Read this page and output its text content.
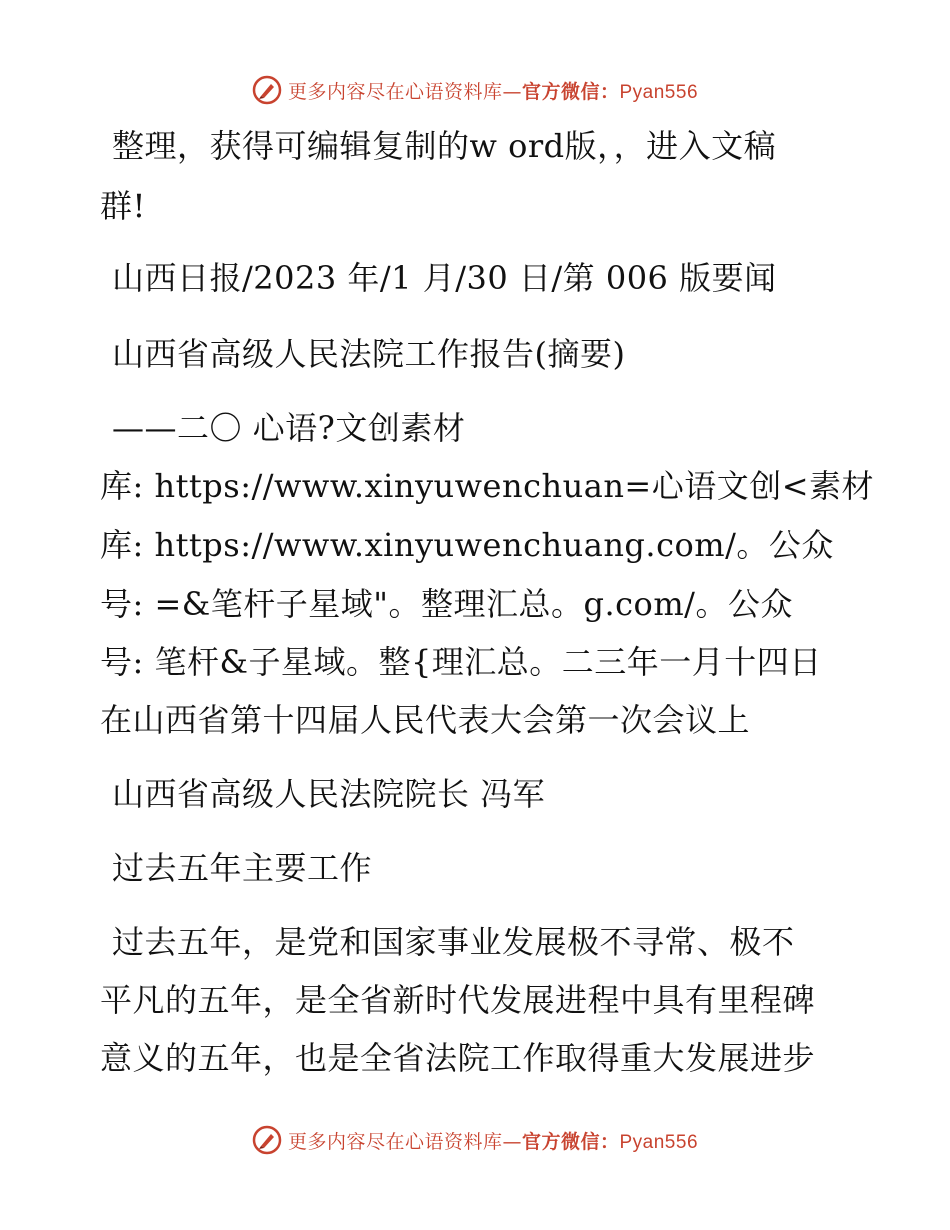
更多内容尽在心语资料库—官方微信：Pyan556
整理，获得可编辑复制的w ord版，，进入文稿
群!
山西日报/2023 年/1 月/30 日/第 006 版要闻
山西省高级人民法院工作报告(摘要)
——二〇 心语?文创素材
库: https://www.xinyuwenchuan=心语文创<素材
库: https://www.xinyuwenchuang.com/。公众
号: =&笔杆子星域"。整理汇总。g.com/。公众
号: 笔杆&子星域。整{理汇总。二三年一月十四日
在山西省第十四届人民代表大会第一次会议上
山西省高级人民法院院长 冯军
过去五年主要工作
过去五年，是党和国家事业发展极不寻常、极不
平凡的五年，是全省新时代发展进程中具有里程碑
意义的五年，也是全省法院工作取得重大发展进步
更多内容尽在心语资料库—官方微信：Pyan556
